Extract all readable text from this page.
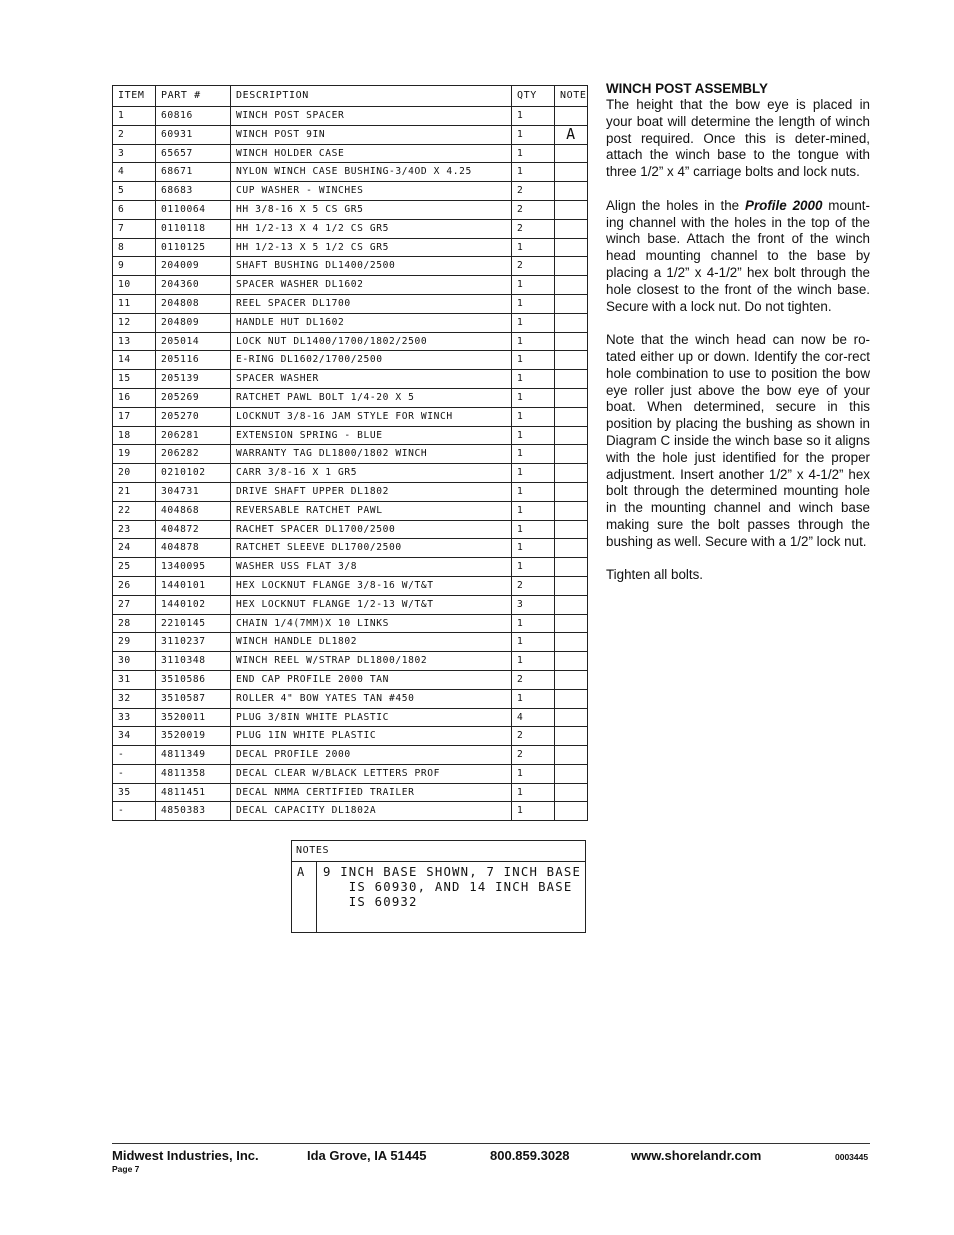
ITEM	PART #	DESCRIPTION	QTY	NOTE
1	60816	WINCH POST SPACER	1	
2	60931	WINCH POST 9IN	1	A
3	65657	WINCH HOLDER CASE	1	
4	68671	NYLON WINCH CASE BUSHING-3/4OD X 4.25	1	
5	68683	CUP WASHER - WINCHES	2	
6	0110064	HH 3/8-16 X 5 CS GR5	2	
7	0110118	HH 1/2-13 X 4 1/2 CS GR5	2	
8	0110125	HH 1/2-13 X 5 1/2 CS GR5	1	
9	204009	SHAFT BUSHING DL1400/2500	2	
10	204360	SPACER WASHER DL1602	1	
11	204808	REEL SPACER DL1700	1	
12	204809	HANDLE HUT DL1602	1	
13	205014	LOCK NUT DL1400/1700/1802/2500	1	
14	205116	E-RING DL1602/1700/2500	1	
15	205139	SPACER WASHER	1	
16	205269	RATCHET PAWL BOLT 1/4-20 X 5	1	
17	205270	LOCKNUT 3/8-16 JAM STYLE FOR WINCH	1	
18	206281	EXTENSION SPRING - BLUE	1	
19	206282	WARRANTY TAG DL1800/1802 WINCH	1	
20	0210102	CARR 3/8-16 X 1 GR5	1	
21	304731	DRIVE SHAFT UPPER DL1802	1	
22	404868	REVERSABLE RATCHET PAWL	1	
23	404872	RACHET SPACER DL1700/2500	1	
24	404878	RATCHET SLEEVE DL1700/2500	1	
25	1340095	WASHER USS FLAT 3/8	1	
26	1440101	HEX LOCKNUT FLANGE 3/8-16 W/T&T	2	
27	1440102	HEX LOCKNUT FLANGE 1/2-13 W/T&T	3	
28	2210145	CHAIN 1/4(7MM)X 10 LINKS	1	
29	3110237	WINCH HANDLE DL1802	1	
30	3110348	WINCH REEL W/STRAP DL1800/1802	1	
31	3510586	END CAP PROFILE 2000 TAN	2	
32	3510587	ROLLER 4" BOW YATES TAN #450	1	
33	3520011	PLUG 3/8IN WHITE PLASTIC	4	
34	3520019	PLUG 1IN WHITE PLASTIC	2	
-	4811349	DECAL PROFILE 2000	2	
-	4811358	DECAL CLEAR W/BLACK LETTERS PROF	1	
35	4811451	DECAL NMMA CERTIFIED TRAILER	1	
-	4850383	DECAL CAPACITY DL1802A	1	
NOTES
A	9 INCH BASE SHOWN, 7 INCH BASE
IS 60930, AND 14 INCH BASE
IS 60932
WINCH POST ASSEMBLY

The height that the bow eye is placed in your boat will determine the length of winch post required. Once this is deter-mined, attach the winch base to the tongue with three 1/2” x 4” carriage bolts and lock nuts.

Align the holes in the Profile 2000 mount-ing channel with the holes in the top of the winch base. Attach the front of the winch head mounting channel to the base by placing a 1/2” x 4-1/2” hex bolt through the hole closest to the front of the winch base. Secure with a lock nut. Do not tighten.

Note that the winch head can now be ro-tated either up or down. Identify the cor-rect hole combination to use to position the bow eye roller just above the bow eye of your boat. When determined, secure in this position by placing the bushing as shown in Diagram C inside the winch base so it aligns with the hole just identified for the proper adjustment. Insert another 1/2” x 4-1/2” hex bolt through the determined mounting hole in the mounting channel and winch base making sure the bolt passes through the bushing as well. Secure with a 1/2” lock nut.

Tighten all bolts.

Midwest Industries, Inc.	Ida Grove, IA 51445	800.859.3028	www.shorelandr.com	0003445
Page 7
